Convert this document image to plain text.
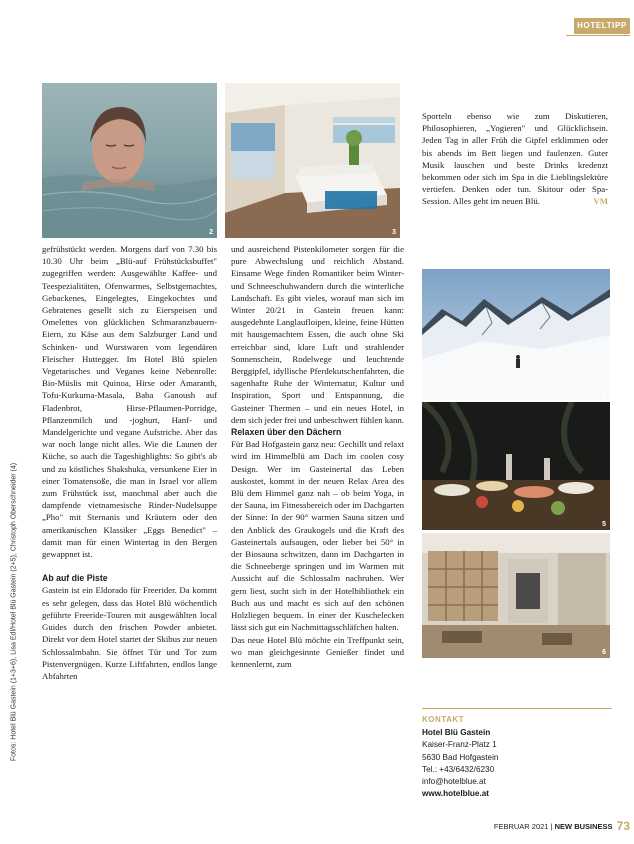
HOTELTIPP
2	3
4
5
6

gefrühstückt werden. Morgens darf von 7.30 bis 10.30 Uhr beim „Blü-auf Frühstücksbuffet" zugegriffen werden: Ausgewählte Kaffee- und Teespezialitäten, Ofenwarmes, Selbstgemachtes, Gebackenes, Eingelegtes, Eingekochtes und Gebratenes gesellt sich zu Eierspeisen und Omelettes von glücklichen Schmaranzbauern-Eiern, zu Käse aus dem Salzburger Land und Schinken- und Wurstwaren vom legendären Fleischer Huttegger. Im Hotel Blü spielen Vegetarisches und Veganes keine Nebenrolle: Bio-Müslis mit Quinoa, Hirse oder Amaranth, Tofu-Kurkuma-Masala, Baba Ganoush auf Fladenbrot, Hirse-Pflaumen-Porridge, Pflanzenmilch und -joghurt, Hanf- und Mandelgerichte und vegane Aufstriche. Aber das war noch lange nicht alles. Wie die Launen der Küche, so auch die Tageshighlights: So gibt's ab und zu köstliches Shakshuka, versunkene Eier in einer Tomatensoße, die man in Israel vor allem zum Frühstück isst, manchmal aber auch die dampfende vietnamesische Rinder-Nudelsuppe „Pho" mit Sternanis und Kräutern oder den amerikanischen Klassiker „Eggs Benedict" – damit man für einen Wintertag in den Bergen gewappnet ist.

Ab auf die Piste

Gastein ist ein Eldorado für Freerider. Da kommt es sehr gelegen, dass das Hotel Blü wöchentlich geführte Freeride-Touren mit ausgewählten local Guides durch den frischen Powder anbietet. Direkt vor dem Hotel startet der Skibus zur neuen Schlossalmbahn. Sie öffnet Tür und Tor zum Pistenvergnügen. Kurze Liftfahrten, endlos lange Abfahrten

und ausreichend Pistenkilometer sorgen für die pure Abwechslung und reichlich Abstand. Einsame Wege finden Romantiker beim Winter- und Schneeschuhwandern durch die winterliche Landschaft. Es gibt vieles, worauf man sich im Winter 20/21 in Gastein freuen kann: ausgedehnte Langlaufloipen, kleine, feine Hütten mit hausgemachtem Essen, die auch ohne Ski erreichbar sind, klare Luft und strahlender Sonnenschein, Rodelwege und leuchtende Berggipfel, idyllische Pferdekutschenfahrten, die sagenhafte Ruhe der Winternatur, Kultur und Inspiration, Sport und Entspannung, die Gasteiner Thermen – und ein neues Hotel, in dem sich jeder frei und unbeschwert fühlen kann.

Relaxen über den Dächern

Für Bad Hofgastein ganz neu: Gechillt und relaxt wird im Himmelblü am Dach im coolen cosy Design. Wer im Gasteinertal das Leben auskostet, kommt in der neuen Relax Area des Blü dem Himmel ganz nah – ob beim Yoga, in der Sauna, im Fitnessbereich oder im Dachgarten der Sinne: In der 90° warmen Sauna sitzen und den Anblick des Graukogels und die Kraft des Gasteinertals aufsaugen, oder lieber bei 50° in der Biosauna schwitzen, dann im Dachgarten in die Schneeberge springen und im Warmen mit Aussicht auf die Schlossalm nachruhen. Wer gern liest, sucht sich in der Hotelbibliothek ein Buch aus und macht es sich auf den schönen Holzliegen bequem. In einer der Kuschelecken lässt sich gut ein Nachmittagsschläfchen halten.

Das neue Hotel Blü möchte ein Treffpunkt sein, wo man gleichgesinnte Genießer findet und kennenlernt, zum

Sporteln ebenso wie zum Diskutieren, Philosophieren, „Yogieren" und Glücklichsein. Jeden Tag in aller Früh die Gipfel erklimmen oder bis abends im Bett liegen und faulenzen. Guter Musik lauschen und beste Drinks kredenzt bekommen oder sich im Spa in die Lieblingslektüre vertiefen. Denken oder tun. Skitour oder Spa-Session. Alles geht im neuen Blü.	VM

Fotos: Hotel Blü Gastein (1+3+6), Lisa Edl/Hotel Blü Gastein (2+5), Christoph Oberschneider (4)	KONTAKT
Hotel Blü Gastein
Kaiser-Franz-Platz 1
5630 Bad Hofgastein
Tel.: +43/6432/6230
info@hotelblue.at
www.hotelblue.at
FEBRUAR 2021 | NEW BUSINESS 73
